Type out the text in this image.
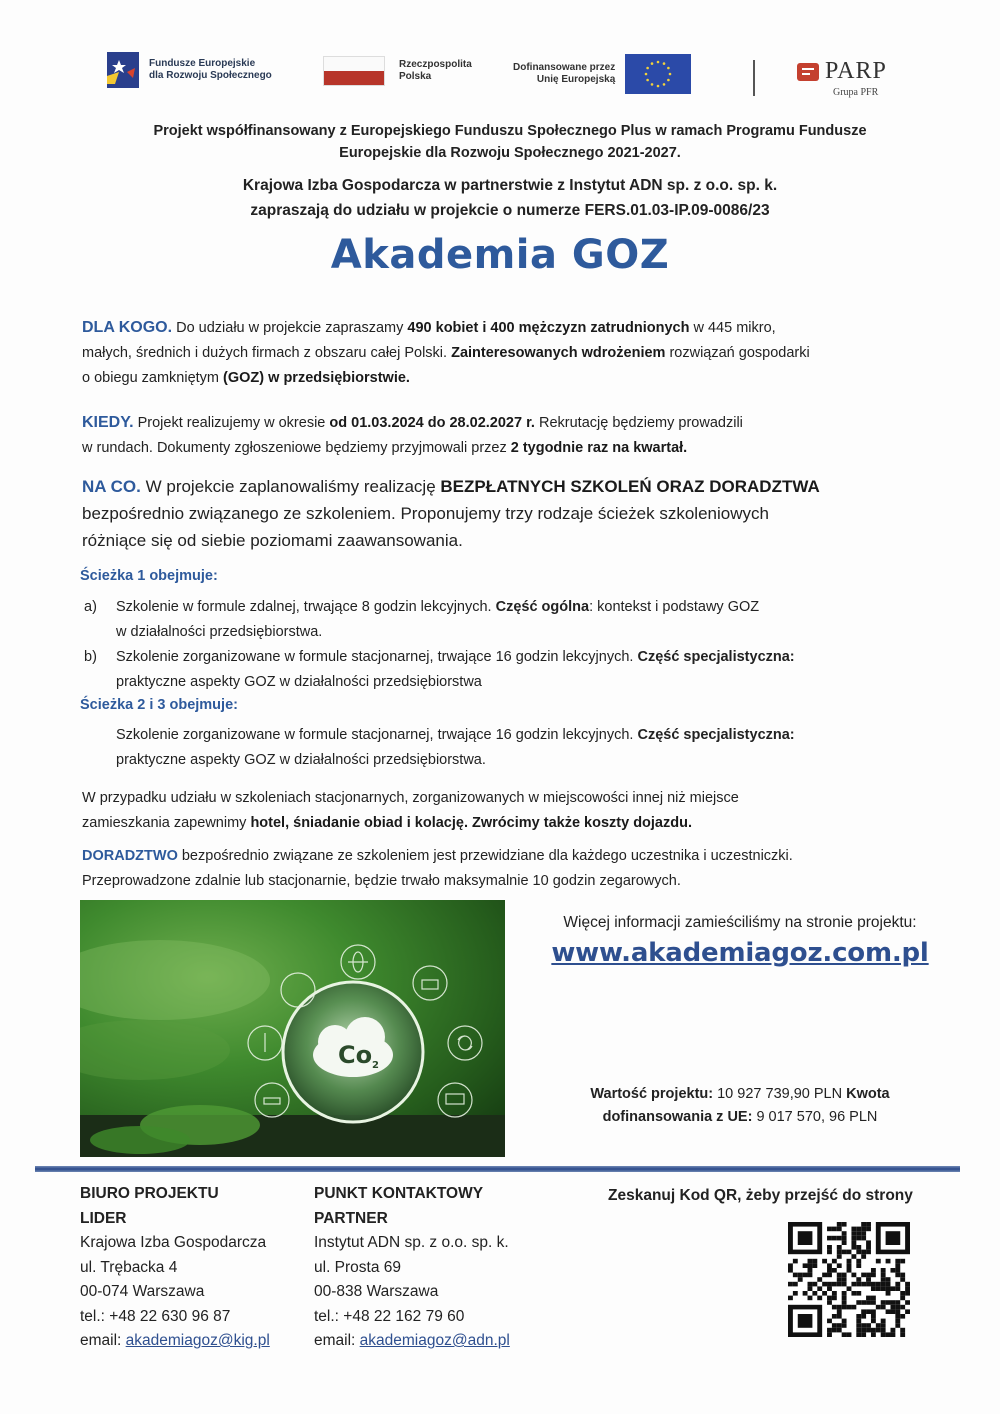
Fundusze Europejskie
dla Rozwoju Społecznego
Rzeczpospolita
Polska
Dofinansowane przez
Unię Europejską	PARP
Grupa PFR
Projekt współfinansowany z Europejskiego Funduszu Społecznego Plus w ramach Programu Fundusze
Europejskie dla Rozwoju Społecznego 2021-2027.
Krajowa Izba Gospodarcza w partnerstwie z Instytut ADN sp. z o.o. sp. k.
zapraszają do udziału w projekcie o numerze FERS.01.03-IP.09-0086/23
Akademia GOZ
DLA KOGO. Do udziału w projekcie zapraszamy 490 kobiet i 400 mężczyzn zatrudnionych w 445 mikro,
małych, średnich i dużych firmach z obszaru całej Polski. Zainteresowanych wdrożeniem rozwiązań gospodarki
o obiegu zamkniętym (GOZ) w przedsiębiorstwie.
KIEDY. Projekt realizujemy w okresie od 01.03.2024 do 28.02.2027 r. Rekrutację będziemy prowadzili
w rundach. Dokumenty zgłoszeniowe będziemy przyjmowali przez 2 tygodnie raz na kwartał.
NA CO. W projekcie zaplanowaliśmy realizację BEZPŁATNYCH SZKOLEŃ ORAZ DORADZTWA
bezpośrednio związanego ze szkoleniem. Proponujemy trzy rodzaje ścieżek szkoleniowych
różniące się od siebie poziomami zaawansowania.
Ścieżka 1 obejmuje:
a)	Szkolenie w formule zdalnej, trwające 8 godzin lekcyjnych. Część ogólna: kontekst i podstawy GOZ
w działalności przedsiębiorstwa.
b)	Szkolenie zorganizowane w formule stacjonarnej, trwające 16 godzin lekcyjnych. Część specjalistyczna:
praktyczne aspekty GOZ w działalności przedsiębiorstwa
Ścieżka 2 i 3 obejmuje:
Szkolenie zorganizowane w formule stacjonarnej, trwające 16 godzin lekcyjnych. Część specjalistyczna:
praktyczne aspekty GOZ w działalności przedsiębiorstwa.
W przypadku udziału w szkoleniach stacjonarnych, zorganizowanych w miejscowości innej niż miejsce
zamieszkania zapewnimy hotel, śniadanie obiad i kolację. Zwrócimy także koszty dojazdu.
DORADZTWO bezpośrednio związane ze szkoleniem jest przewidziane dla każdego uczestnika i uczestniczki.
Przeprowadzone zdalnie lub stacjonarnie, będzie trwało maksymalnie 10 godzin zegarowych.
Co 2
Więcej informacji zamieściliśmy na stronie projektu:
www.akademiagoz.com.pl
Wartość projektu: 10 927 739,90 PLN Kwota
dofinansowania z UE: 9 017 570, 96 PLN
BIURO PROJEKTU
LIDER
Krajowa Izba Gospodarcza
ul. Trębacka 4
00-074 Warszawa
tel.: +48 22 630 96 87
email: akademiagoz@kig.pl
PUNKT KONTAKTOWY
PARTNER
Instytut ADN sp. z o.o. sp. k.
ul. Prosta 69
00-838 Warszawa
tel.: +48 22 162 79 60
email: akademiagoz@adn.pl
Zeskanuj Kod QR, żeby przejść do strony
